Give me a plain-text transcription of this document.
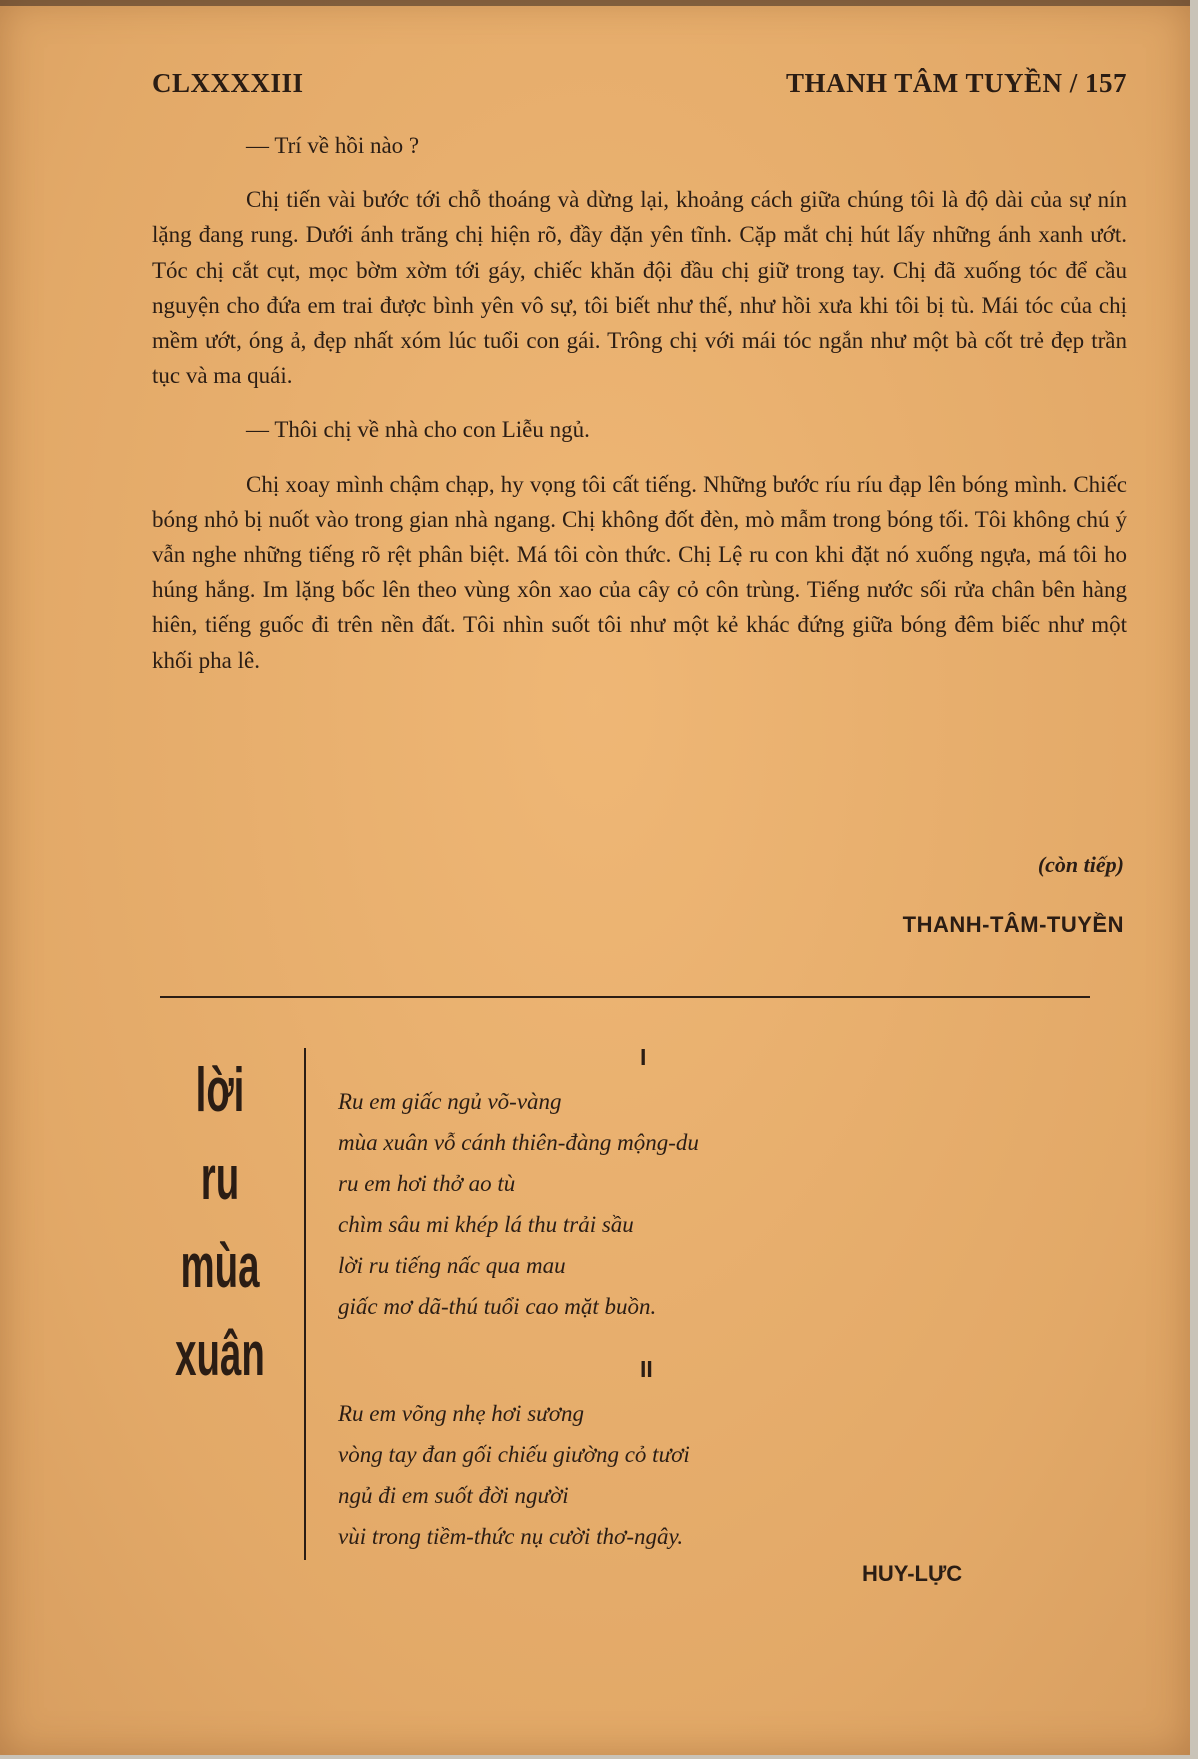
CLXXXXIII	THANH TÂM TUYỀN / 157

— Trí về hồi nào ?

Chị tiến vài bước tới chỗ thoáng và dừng lại, khoảng cách giữa chúng tôi là độ dài của sự nín lặng đang rung. Dưới ánh trăng chị hiện rõ, đầy đặn yên tĩnh. Cặp mắt chị hút lấy những ánh xanh ướt. Tóc chị cắt cụt, mọc bờm xờm tới gáy, chiếc khăn đội đầu chị giữ trong tay. Chị đã xuống tóc để cầu nguyện cho đứa em trai được bình yên vô sự, tôi biết như thế, như hồi xưa khi tôi bị tù. Mái tóc của chị mềm ướt, óng ả, đẹp nhất xóm lúc tuổi con gái. Trông chị với mái tóc ngắn như một bà cốt trẻ đẹp trần tục và ma quái.

— Thôi chị về nhà cho con Liễu ngủ.

Chị xoay mình chậm chạp, hy vọng tôi cất tiếng. Những bước ríu ríu đạp lên bóng mình. Chiếc bóng nhỏ bị nuốt vào trong gian nhà ngang. Chị không đốt đèn, mò mẫm trong bóng tối. Tôi không chú ý vẫn nghe những tiếng rõ rệt phân biệt. Má tôi còn thức. Chị Lệ ru con khi đặt nó xuống ngựa, má tôi ho húng hắng. Im lặng bốc lên theo vùng xôn xao của cây cỏ côn trùng. Tiếng nước sối rửa chân bên hàng hiên, tiếng guốc đi trên nền đất. Tôi nhìn suốt tôi như một kẻ khác đứng giữa bóng đêm biếc như một khối pha lê.

(còn tiếp)
THANH-TÂM-TUYỀN
lời
ru
mùa
xuân
I
Ru em giấc ngủ võ-vàng
mùa xuân vỗ cánh thiên-đàng mộng-du
ru em hơi thở ao tù
chìm sâu mi khép lá thu trải sầu
lời ru tiếng nấc qua mau
giấc mơ dã-thú tuổi cao mặt buồn.
II
Ru em võng nhẹ hơi sương
vòng tay đan gối chiếu giường cỏ tươi
ngủ đi em suốt đời người
vùi trong tiềm-thức nụ cười thơ-ngây.
HUY-LỰC
